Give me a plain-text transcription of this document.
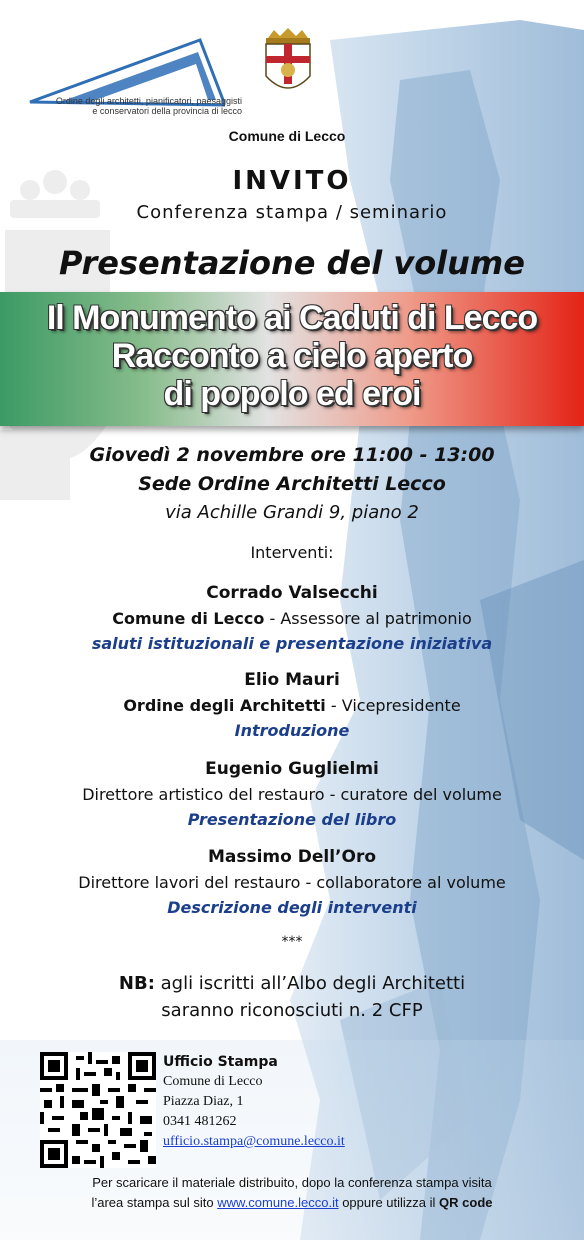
Ordine degli architetti, pianificatori, paesaggisti
e conservatori della provincia di lecco
Comune di Lecco
INVITO
Conferenza stampa / seminario
Presentazione del volume
Il Monumento ai Caduti di Lecco
Racconto a cielo aperto
di popolo ed eroi
Giovedì 2 novembre ore 11:00 - 13:00
Sede Ordine Architetti Lecco
via Achille Grandi 9, piano 2
Interventi:
Corrado Valsecchi
Comune di Lecco - Assessore al patrimonio
saluti istituzionali e presentazione iniziativa
Elio Mauri
Ordine degli Architetti - Vicepresidente
Introduzione
Eugenio Guglielmi
Direttore artistico del restauro - curatore del volume
Presentazione del libro
Massimo Dell’Oro
Direttore lavori del restauro - collaboratore al volume
Descrizione degli interventi
***
NB: agli iscritti all’Albo degli Architetti
saranno riconosciuti n. 2 CFP
Ufficio Stampa
Comune di Lecco
Piazza Diaz, 1
0341 481262
ufficio.stampa@comune.lecco.it
Per scaricare il materiale distribuito, dopo la conferenza stampa visita
l’area stampa sul sito www.comune.lecco.it oppure utilizza il QR code
